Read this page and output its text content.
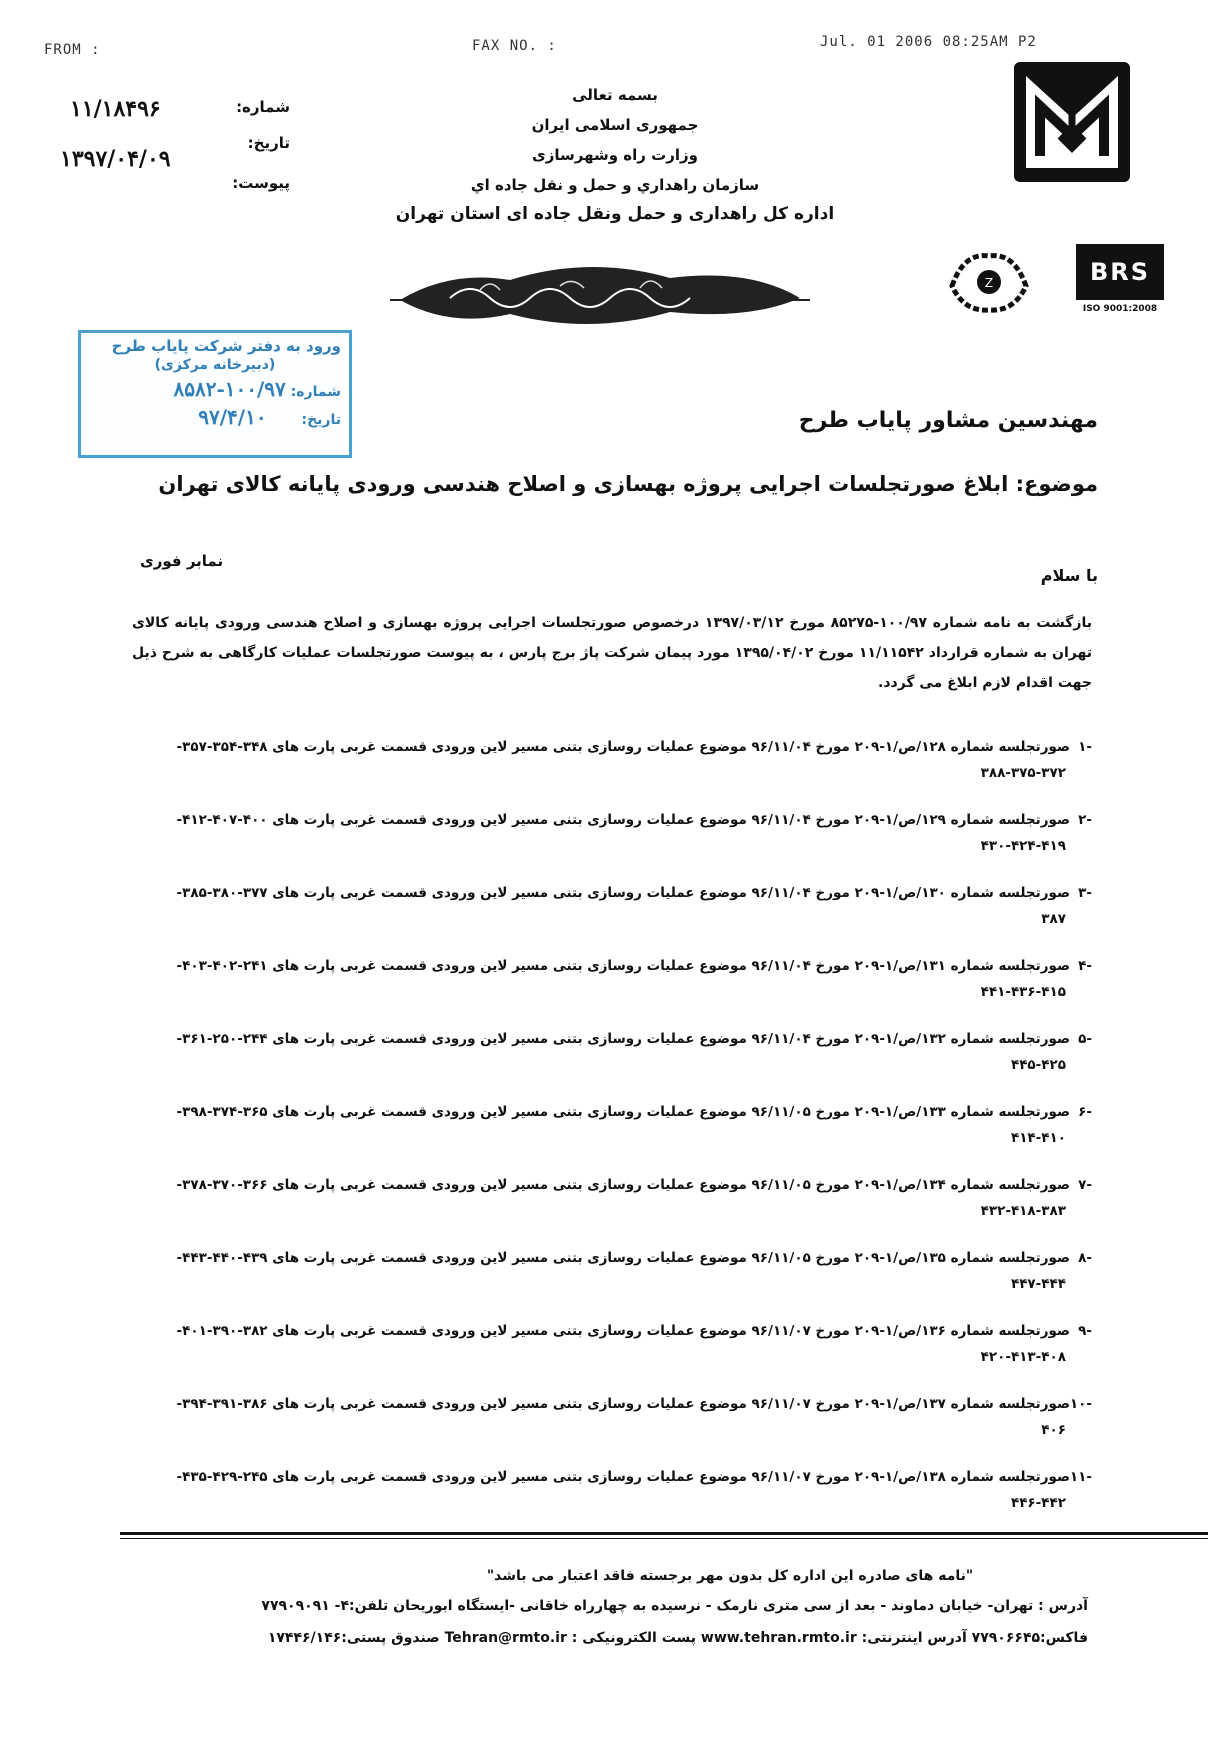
FROM :	FAX NO. :	Jul. 01 2006 08:25AM P2
شماره:
۱۱/۱۸۴۹۶
تاریخ:
۱۳۹۷/۰۴/۰۹
پیوست:
بسمه تعالی
جمهوری اسلامی ایران
وزارت راه وشهرسازی
سازمان راهداري و حمل و نقل جاده اي
اداره کل راهداری و حمل ونقل جاده ای استان تهران
Z	BRS
ISO 9001:2008
ورود به دفتر شرکت پایاب طرح
(دبیرخانه مرکزی)
شماره: ۱۰۰/۹۷-۸۵۸۲
تاریخ: ۹۷/۴/۱۰	مهندسین مشاور پایاب طرح
موضوع: ابلاغ صورتجلسات اجرایی پروژه بهسازی و اصلاح هندسی ورودی پایانه کالای تهران
نمابر فوری
با سلام
بازگشت به نامه شماره ۱۰۰/۹۷-۸۵۲۷۵ مورخ ۱۳۹۷/۰۳/۱۲ درخصوص صورتجلسات اجرایی پروژه بهسازی و اصلاح هندسی ورودی پایانه کالای تهران به شماره قرارداد ۱۱/۱۱۵۴۲ مورخ ۱۳۹۵/۰۴/۰۲ مورد پیمان شرکت پاژ برج پارس ، به پیوست صورتجلسات عملیات کارگاهی به شرح ذیل جهت اقدام لازم ابلاغ می گردد.
-۱صورتجلسه شماره ۱۲۸/ص/۱-۲۰۹ مورخ ۹۶/۱۱/۰۴ موضوع عملیات روسازی بتنی مسیر لاین ورودی قسمت غربی پارت های ۳۴۸-۳۵۴-۳۵۷-
۳۸۸-۳۷۵-۳۷۲
-۲صورتجلسه شماره ۱۲۹/ص/۱-۲۰۹ مورخ ۹۶/۱۱/۰۴ موضوع عملیات روسازی بتنی مسیر لاین ورودی قسمت غربی پارت های ۴۰۰-۴۰۷-۴۱۲-
۴۳۰-۴۲۴-۴۱۹
-۳صورتجلسه شماره ۱۳۰/ص/۱-۲۰۹ مورخ ۹۶/۱۱/۰۴ موضوع عملیات روسازی بتنی مسیر لاین ورودی قسمت غربی پارت های ۳۷۷-۳۸۰-۳۸۵-
۳۸۷
-۴صورتجلسه شماره ۱۳۱/ص/۱-۲۰۹ مورخ ۹۶/۱۱/۰۴ موضوع عملیات روسازی بتنی مسیر لاین ورودی قسمت غربی پارت های ۲۴۱-۴۰۲-۴۰۳-
۴۴۱-۴۳۶-۴۱۵
-۵صورتجلسه شماره ۱۳۲/ص/۱-۲۰۹ مورخ ۹۶/۱۱/۰۴ موضوع عملیات روسازی بتنی مسیر لاین ورودی قسمت غربی پارت های ۲۴۴-۲۵۰-۳۶۱-
۴۴۵-۴۲۵
-۶صورتجلسه شماره ۱۳۳/ص/۱-۲۰۹ مورخ ۹۶/۱۱/۰۵ موضوع عملیات روسازی بتنی مسیر لاین ورودی قسمت غربی پارت های ۳۶۵-۳۷۴-۳۹۸-
۴۱۴-۴۱۰
-۷صورتجلسه شماره ۱۳۴/ص/۱-۲۰۹ مورخ ۹۶/۱۱/۰۵ موضوع عملیات روسازی بتنی مسیر لاین ورودی قسمت غربی پارت های ۳۶۶-۳۷۰-۳۷۸-
۴۳۲-۴۱۸-۳۸۳
-۸صورتجلسه شماره ۱۳۵/ص/۱-۲۰۹ مورخ ۹۶/۱۱/۰۵ موضوع عملیات روسازی بتنی مسیر لاین ورودی قسمت غربی پارت های ۴۳۹-۴۴۰-۴۴۳-
۴۴۷-۴۴۴
-۹صورتجلسه شماره ۱۳۶/ص/۱-۲۰۹ مورخ ۹۶/۱۱/۰۷ موضوع عملیات روسازی بتنی مسیر لاین ورودی قسمت غربی پارت های ۳۸۲-۳۹۰-۴۰۱-
۴۲۰-۴۱۳-۴۰۸
-۱۰صورتجلسه شماره ۱۳۷/ص/۱-۲۰۹ مورخ ۹۶/۱۱/۰۷ موضوع عملیات روسازی بتنی مسیر لاین ورودی قسمت غربی پارت های ۳۸۶-۳۹۱-۳۹۴-
۴۰۶
-۱۱صورتجلسه شماره ۱۳۸/ص/۱-۲۰۹ مورخ ۹۶/۱۱/۰۷ موضوع عملیات روسازی بتنی مسیر لاین ورودی قسمت غربی پارت های ۲۴۵-۴۲۹-۴۳۵-
۴۴۶-۴۴۲
"نامه های صادره این اداره کل بدون مهر برجسته فاقد اعتبار می باشد"
آدرس : تهران- خیابان دماوند - بعد از سی متری نارمک - نرسیده به چهارراه خاقانی -ایستگاه ابوریحان تلفن:۴- ۷۷۹۰۹۰۹۱
فاکس:۷۷۹۰۶۶۴۵ آدرس اینترنتی: www.tehran.rmto.ir پست الکترونیکی : Tehran@rmto.ir صندوق پستی:۱۷۴۴۶/۱۴۶
